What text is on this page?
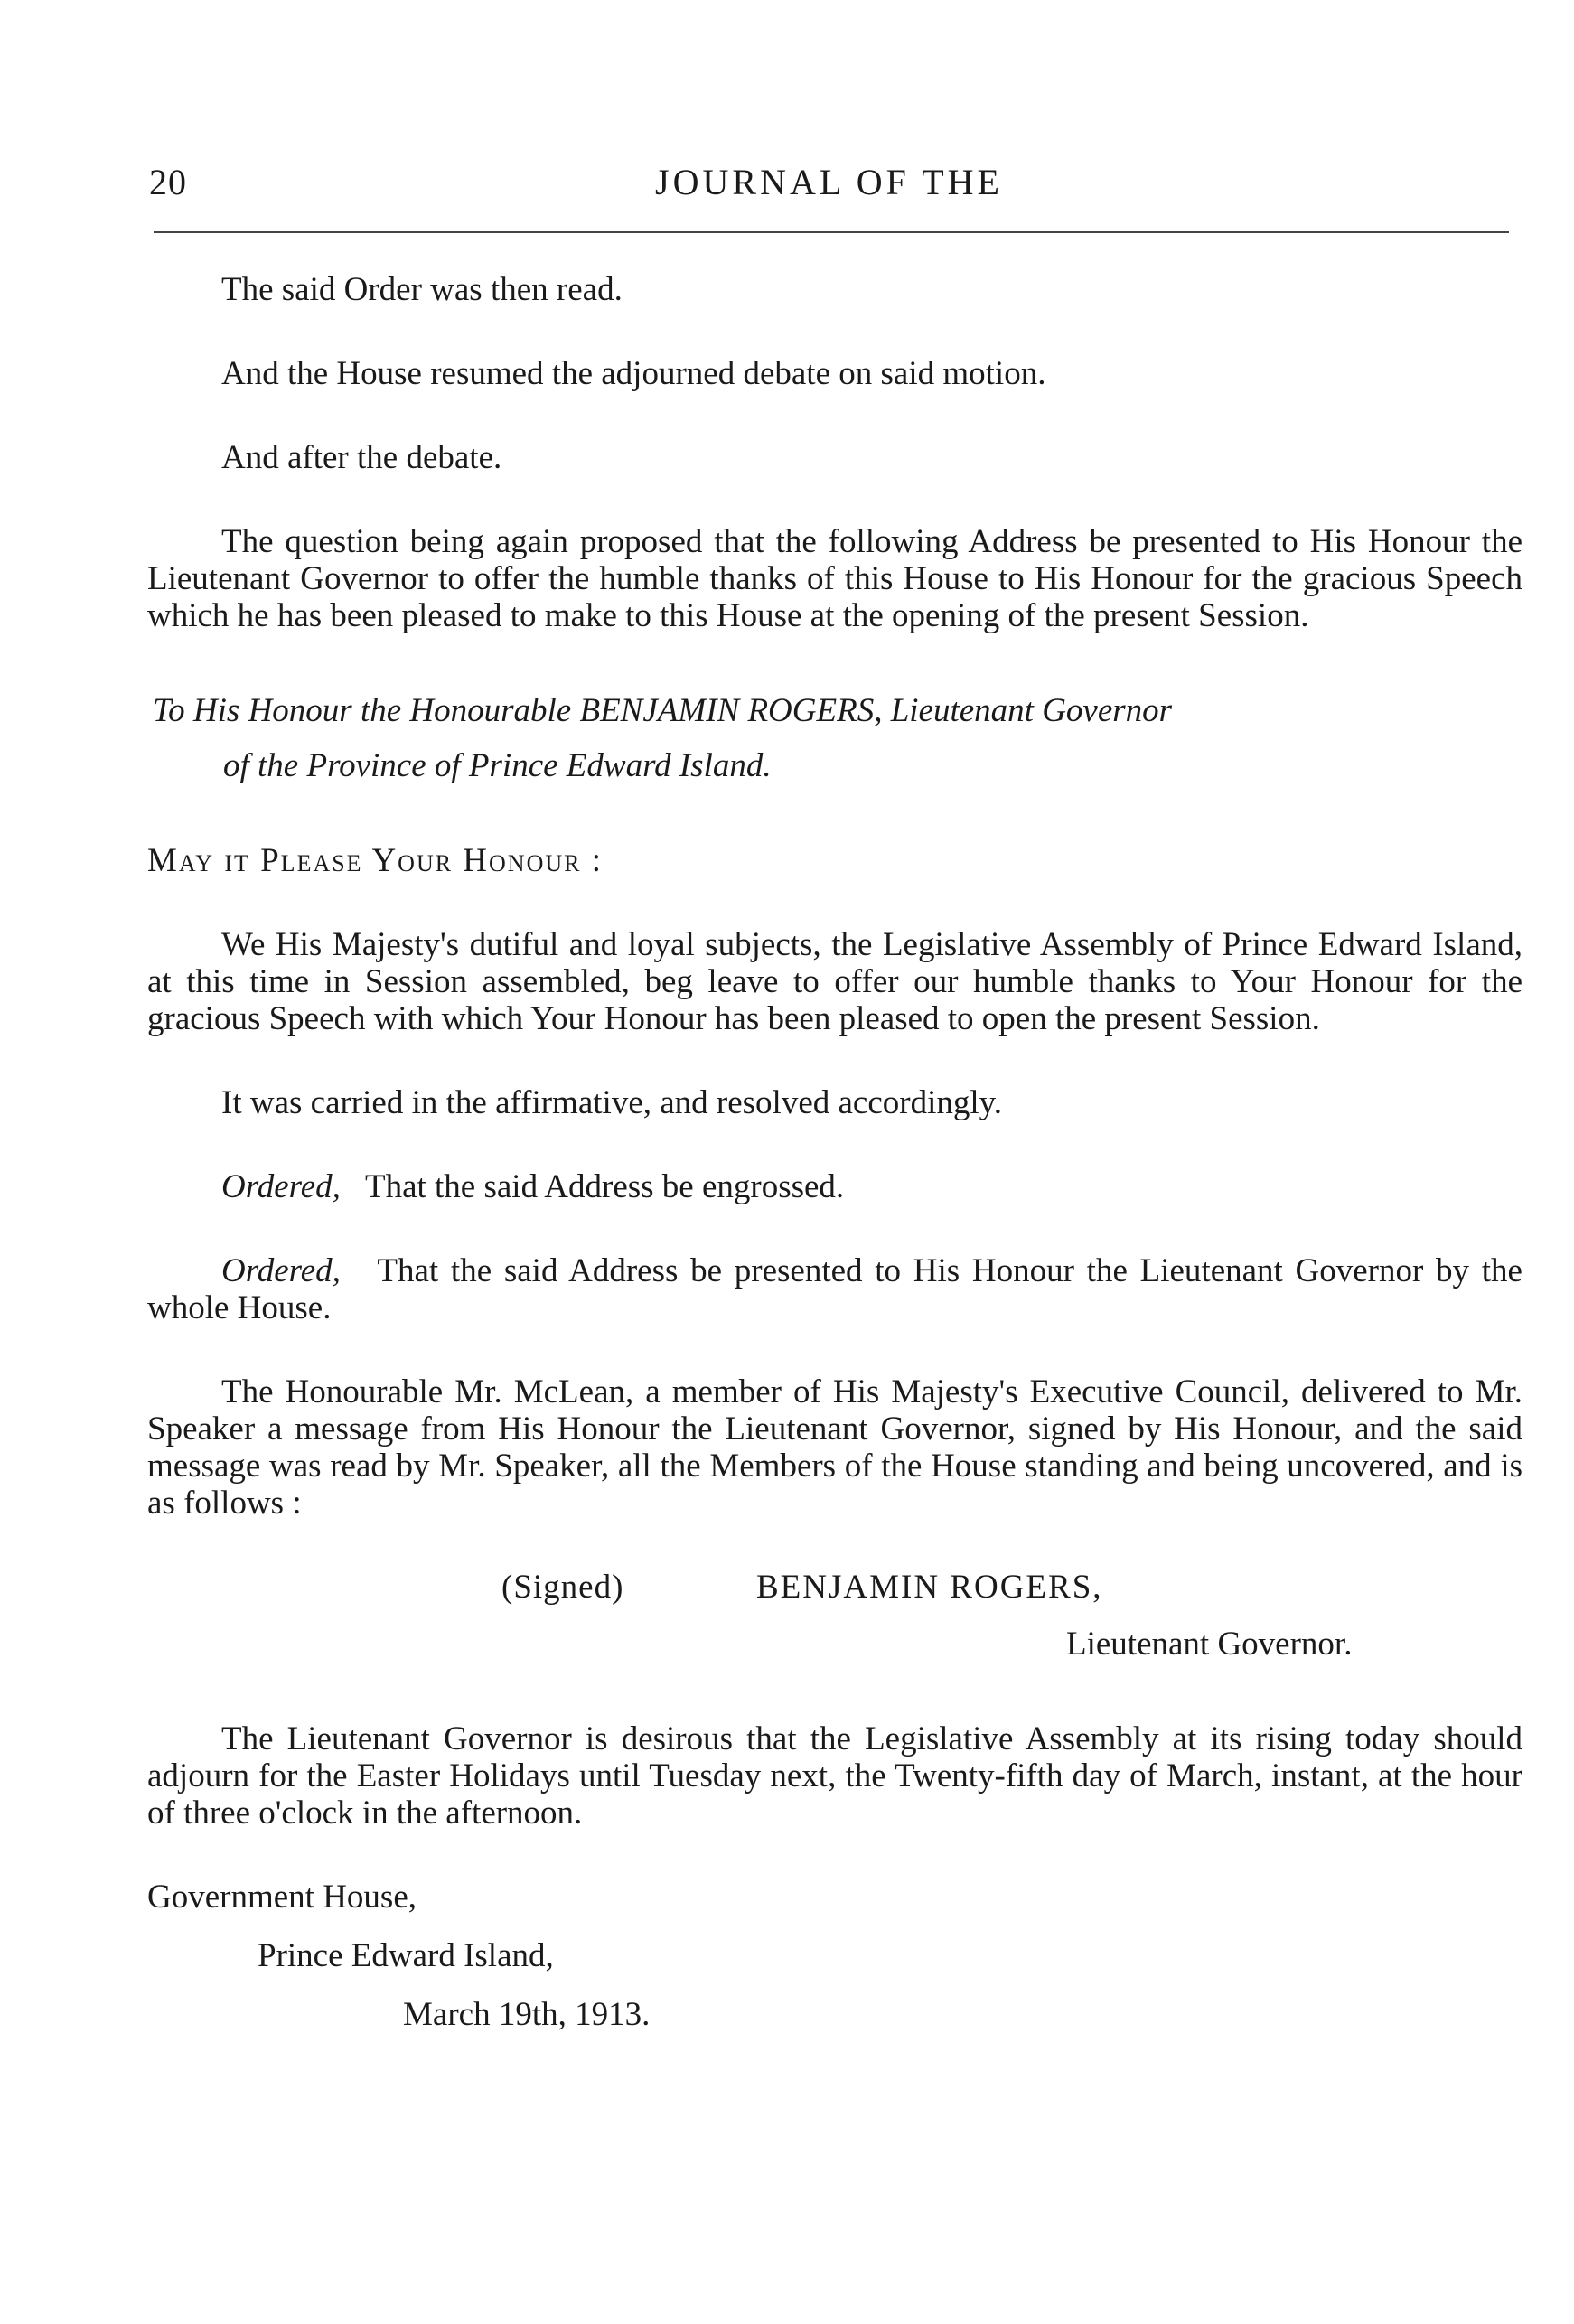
20	JOURNAL OF THE

The said Order was then read.

And the House resumed the adjourned debate on said motion.

And after the debate.

The question being again proposed that the following Address be presented to His Honour the Lieutenant Governor to offer the humble thanks of this House to His Honour for the gracious Speech which he has been pleased to make to this House at the opening of the present Session.

To His Honour the Honourable BENJAMIN ROGERS, Lieutenant Governor

of the Province of Prince Edward Island.

May it Please Your Honour :

We His Majesty's dutiful and loyal subjects, the Legislative Assembly of Prince Edward Island, at this time in Session assembled, beg leave to offer our humble thanks to Your Honour for the gracious Speech with which Your Honour has been pleased to open the present Session.

It was carried in the affirmative, and resolved accordingly.

Ordered, That the said Address be engrossed.

Ordered, That the said Address be presented to His Honour the Lieutenant Governor by the whole House.

The Honourable Mr. McLean, a member of His Majesty's Executive Council, delivered to Mr. Speaker a message from His Honour the Lieutenant Governor, signed by His Honour, and the said message was read by Mr. Speaker, all the Members of the House standing and being uncovered, and is as follows :

(Signed)	BENJAMIN ROGERS,
Lieutenant Governor.

The Lieutenant Governor is desirous that the Legislative Assembly at its rising today should adjourn for the Easter Holidays until Tuesday next, the Twenty-fifth day of March, instant, at the hour of three o'clock in the afternoon.

Government House,
Prince Edward Island,
March 19th, 1913.
